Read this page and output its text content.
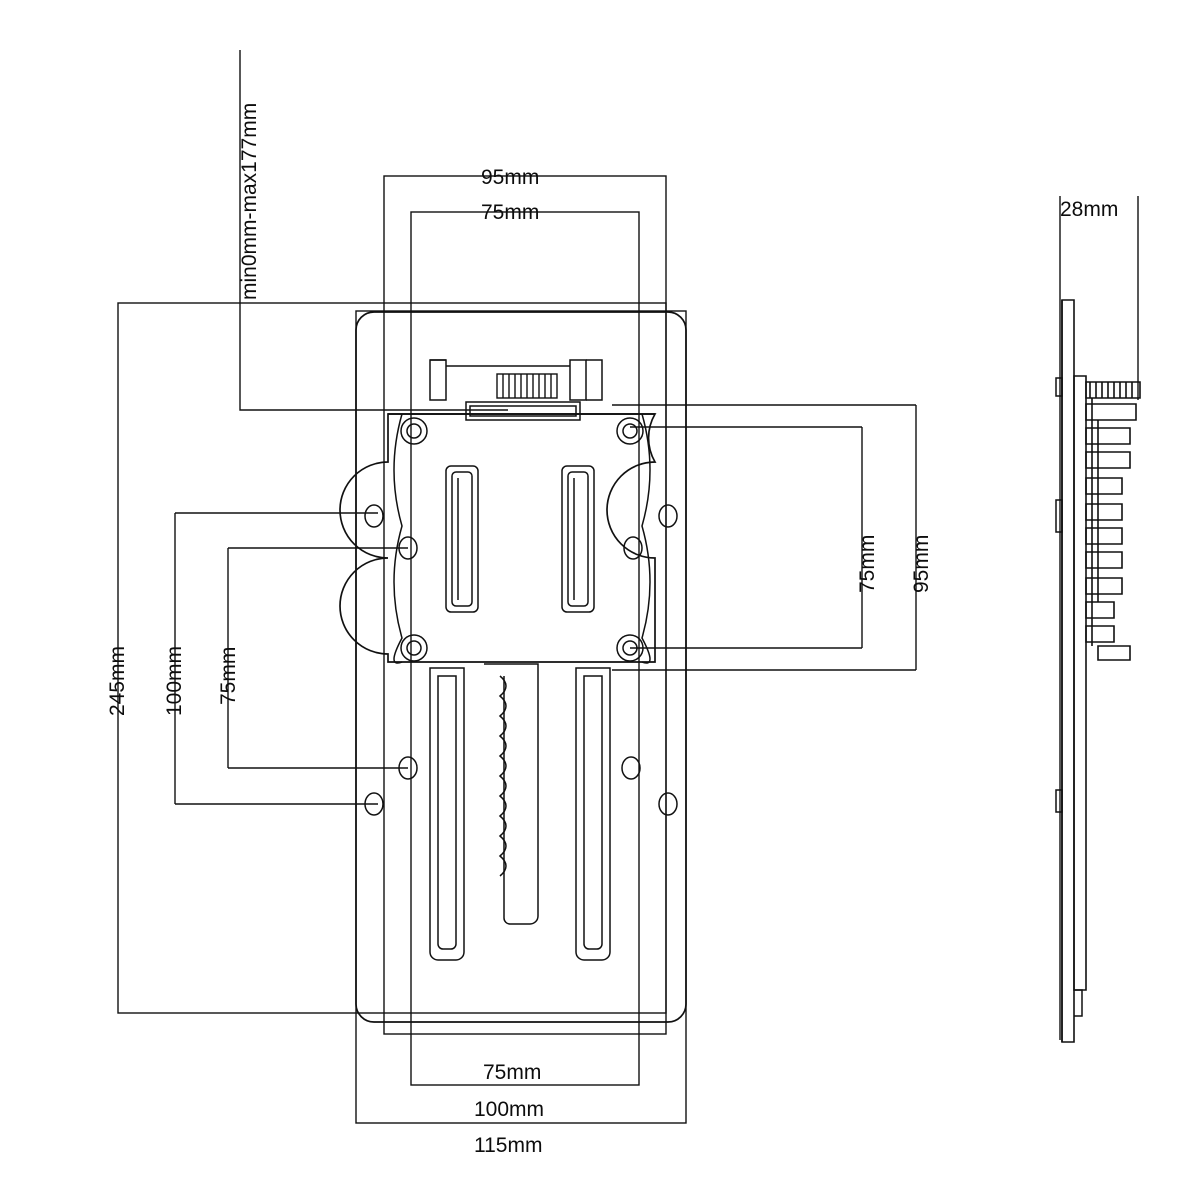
min0mm-max177mm	95mm
75mm
75mm 95mm
245mm 100mm 75mm
75mm
100mm
115mm
28mm
